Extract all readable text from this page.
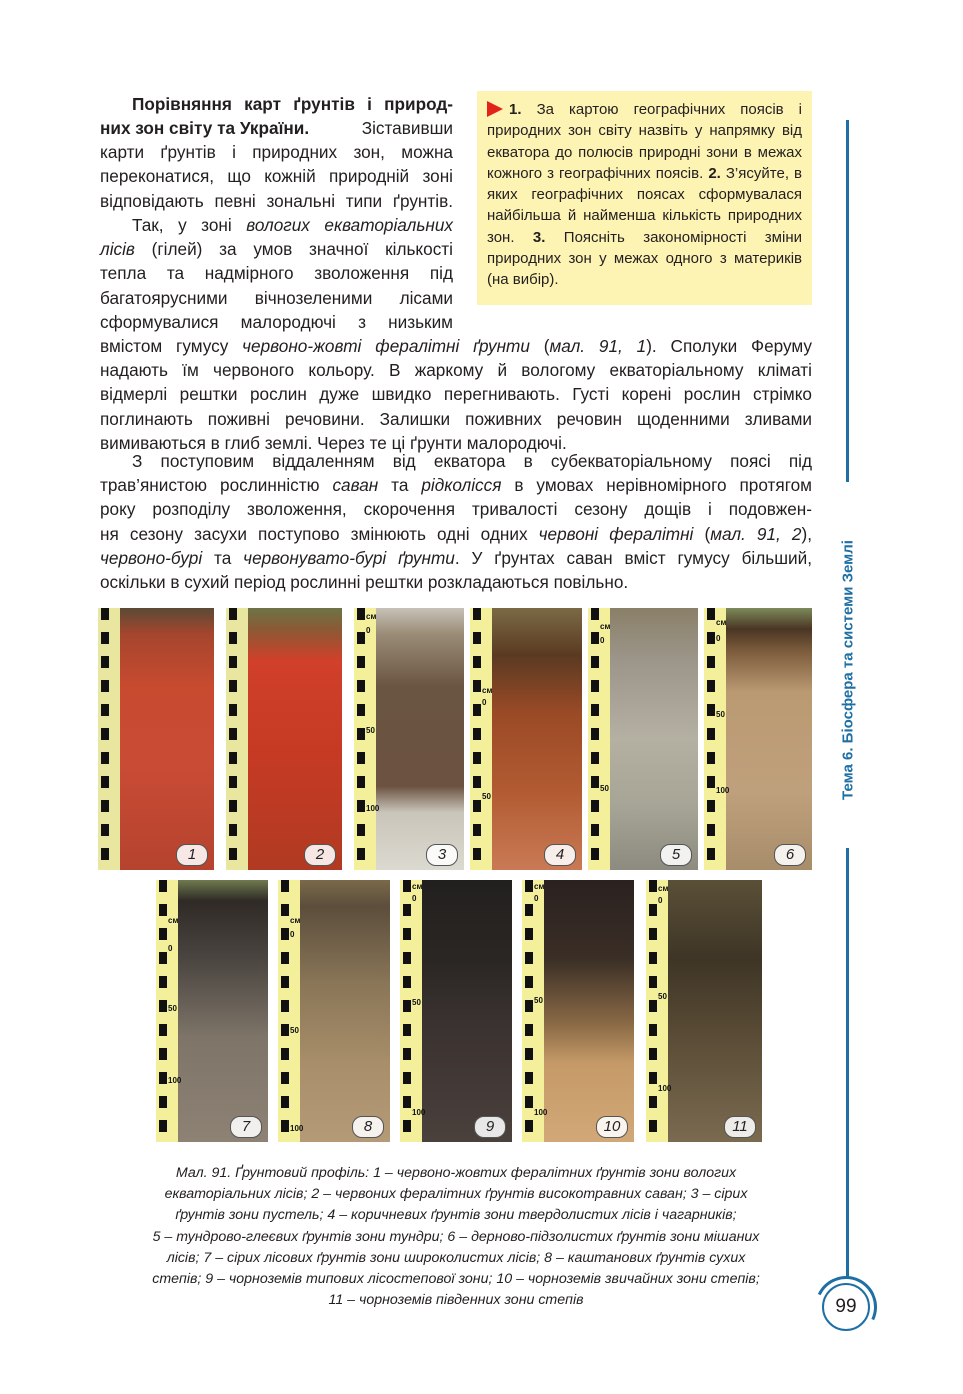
Порівняння карт ґрунтів і природ-них зон світу та України.	Зіставивши
карти ґрунтів і природних зон, можна
переконатися, що кожній природній зоні
відповідають певні зональні типи ґрунтів.
Так, у зоні вологих екваторіальних
лісів (гілей) за умов значної кількості
тепла та надмірного зволоження під
багатоярусними вічнозеленими лісами
сформувалися малородючі з низьким
вмістом гумусу червоно-жовті фералітні ґрунти (мал. 91, 1). Сполуки Феруму
надають їм червоного кольору. В жаркому й вологому екваторіальному кліматі
відмерлі рештки рослин дуже швидко перегнивають. Густі корені рослин стрімко
поглинають поживні речовини. Залишки поживних речовин щоденними зливами
вимиваються в глиб землі. Через те ці ґрунти малородючі.
З поступовим віддаленням від екватора в субекваторіальному поясі під
трав’янистою рослинністю саван та рідколісся в умовах нерівномірного протягом
року розподілу зволоження, скорочення тривалості сезону дощів і подовжен-
ня сезону засухи поступово змінюють одні одних червоні фералітні (мал. 91, 2),
червоно-бурі та червонувато-бурі ґрунти. У ґрунтах саван вміст гумусу більший,
оскільки в сухий період рослинні рештки розкладаються повільно.
1. За картою географічних поясів і природних зон світу назвіть у напрямку від екватора до полюсів природні зони в межах кожного з географічних поясів. 2. З’ясуйте, в яких географічних поясах сформувалася найбільша й найменша кількість природних зон. 3. Поясніть закономірності зміни природних зон у межах одного з материків (на вибір).
Тема 6. Біосфера та системи Землі
1	2
см
0
50
100
3
см
0
50
4
см
0
50
5
см
0
50
100
6
см
0
50
100
7
см
0
50
100	8
см
0
50
100
9
см
0
50
100
10
см
0
50
100
11
Мал. 91. Ґрунтовий профіль: 1 – червоно-жовтих фералітних ґрунтів зони вологих
екваторіальних лісів; 2 – червоних фералітних ґрунтів високотравних саван; 3 – сірих
ґрунтів зони пустель; 4 – коричневих ґрунтів зони твердолистих лісів і чагарників;
5 – тундрово-глеєвих ґрунтів зони тундри; 6 – дерново-підзолистих ґрунтів зони мішаних
лісів; 7 – сірих лісових ґрунтів зони широколистих лісів; 8 – каштанових ґрунтів сухих
степів; 9 – чорноземів типових лісостепової зони; 10 – чорноземів звичайних зони степів;
11 – чорноземів південних зони степів	99
